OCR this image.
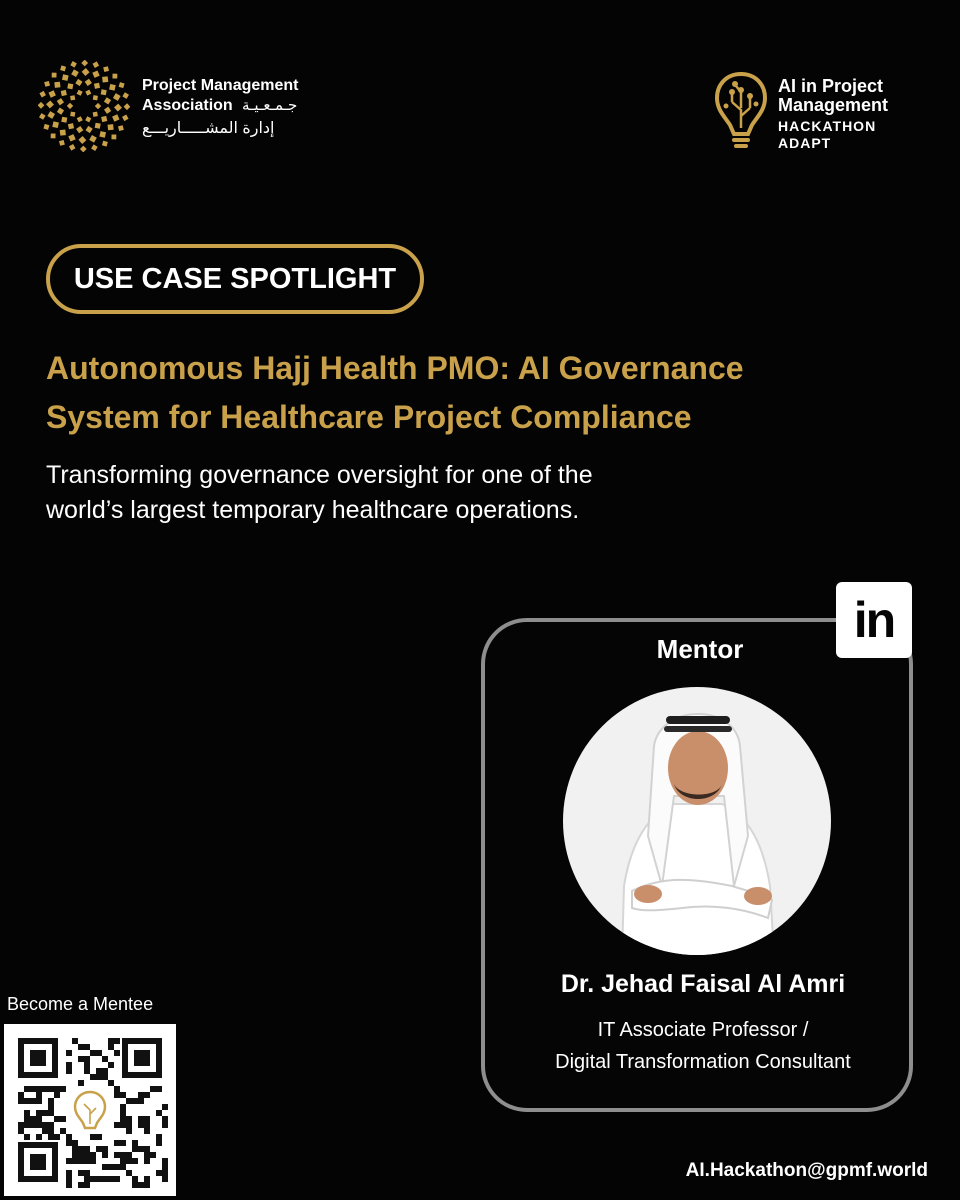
Project Management
Association جـمـعـيـة
إدارة المشـــــاريـــع
AI in Project
Management
HACKATHON
ADAPT
USE CASE SPOTLIGHT
Autonomous Hajj Health PMO: AI Governance
System for Healthcare Project Compliance
Transforming governance oversight for one of the
world’s largest temporary healthcare operations.
Mentor
in
Dr. Jehad Faisal Al Amri
IT Associate Professor /
Digital Transformation Consultant
Become a Mentee
AI.Hackathon@gpmf.world
